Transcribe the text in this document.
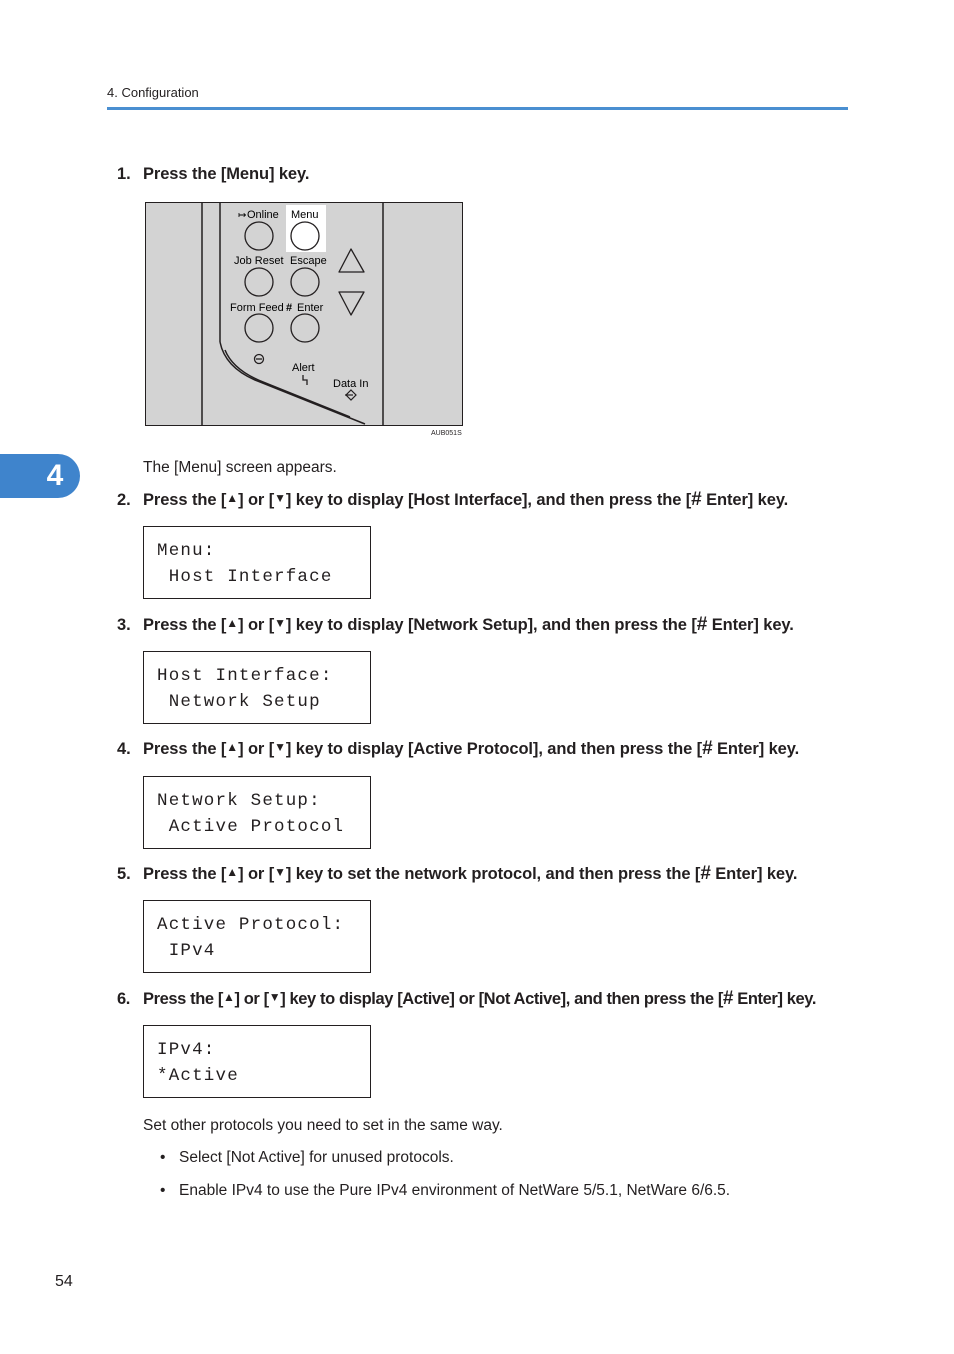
4. Configuration
4
1. Press the [Menu] key.
↦ Online Menu
Job Reset Escape
Form Feed # Enter
Alert
Data In
AUB051S
The [Menu] screen appears.
2. Press the [▲] or [▼] key to display [Host Interface], and then press the [# Enter] key.
Menu:
Host Interface
3. Press the [▲] or [▼] key to display [Network Setup], and then press the [# Enter] key.
Host Interface:
Network Setup
4. Press the [▲] or [▼] key to display [Active Protocol], and then press the [# Enter] key.
Network Setup:
Active Protocol
5. Press the [▲] or [▼] key to set the network protocol, and then press the [# Enter] key.
Active Protocol:
IPv4
6. Press the [▲] or [▼] key to display [Active] or [Not Active], and then press the [# Enter] key.
IPv4:
*Active
Set other protocols you need to set in the same way.
• Select [Not Active] for unused protocols.
• Enable IPv4 to use the Pure IPv4 environment of NetWare 5/5.1, NetWare 6/6.5.
54
